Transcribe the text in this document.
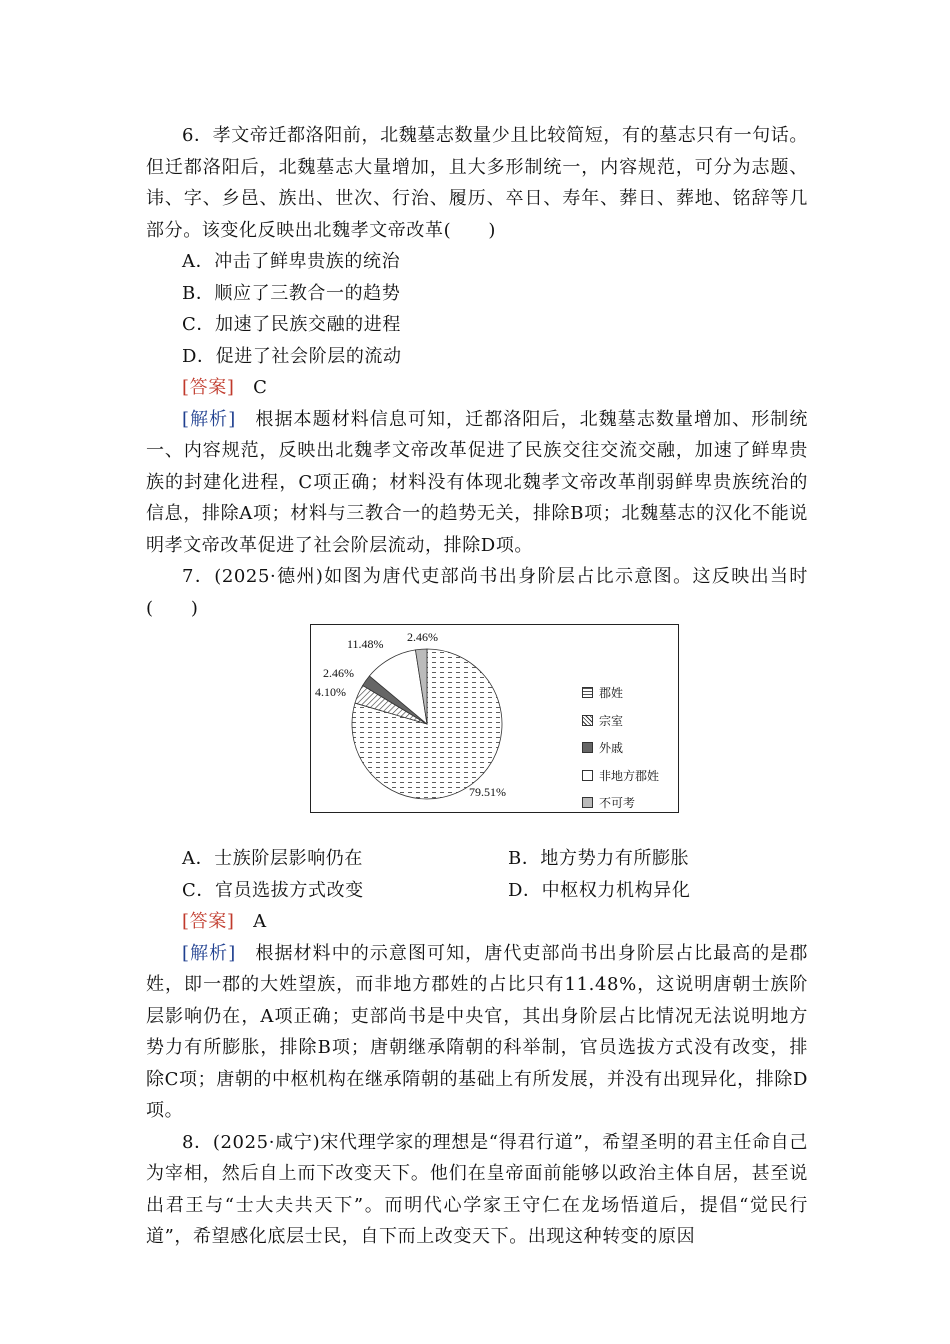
6．孝文帝迁都洛阳前，北魏墓志数量少且比较简短，有的墓志只有一句话。但迁都洛阳后，北魏墓志大量增加，且大多形制统一，内容规范，可分为志题、讳、字、乡邑、族出、世次、行治、履历、卒日、寿年、葬日、葬地、铭辞等几部分。该变化反映出北魏孝文帝改革(　　)

A．冲击了鲜卑贵族的统治

B．顺应了三教合一的趋势

C．加速了民族交融的进程

D．促进了社会阶层的流动

[答案]　 C

[解析]　 根据本题材料信息可知，迁都洛阳后，北魏墓志数量增加、形制统一、内容规范，反映出北魏孝文帝改革促进了民族交往交流交融，加速了鲜卑贵族的封建化进程，C项正确；材料没有体现北魏孝文帝改革削弱鲜卑贵族统治的信息，排除A项；材料与三教合一的趋势无关，排除B项；北魏墓志的汉化不能说明孝文帝改革促进了社会阶层流动，排除D项。

7．(2025·德州)如图为唐代吏部尚书出身阶层占比示意图。这反映出当时(　　)

A．士族阶层影响仍在	B．地方势力有所膨胀

C．官员选拔方式改变	D．中枢权力机构异化

[答案]　 A

[解析]　 根据材料中的示意图可知，唐代吏部尚书出身阶层占比最高的是郡姓，即一郡的大姓望族，而非地方郡姓的占比只有11.48%，这说明唐朝士族阶层影响仍在，A项正确；吏部尚书是中央官，其出身阶层占比情况无法说明地方势力有所膨胀，排除B项；唐朝继承隋朝的科举制，官员选拔方式没有改变，排除C项；唐朝的中枢机构在继承隋朝的基础上有所发展，并没有出现异化，排除D项。

8．(2025·咸宁)宋代理学家的理想是“得君行道”，希望圣明的君主任命自己为宰相，然后自上而下改变天下。他们在皇帝面前能够以政治主体自居，甚至说出君王与“士大夫共天下”。而明代心学家王守仁在龙场悟道后，提倡“觉民行道”，希望感化底层士民，自下而上改变天下。出现这种转变的原因

郡姓
宗室
外戚
非地方郡姓
不可考
79.51%
4.10%
2.46%
11.48% 2.46%
